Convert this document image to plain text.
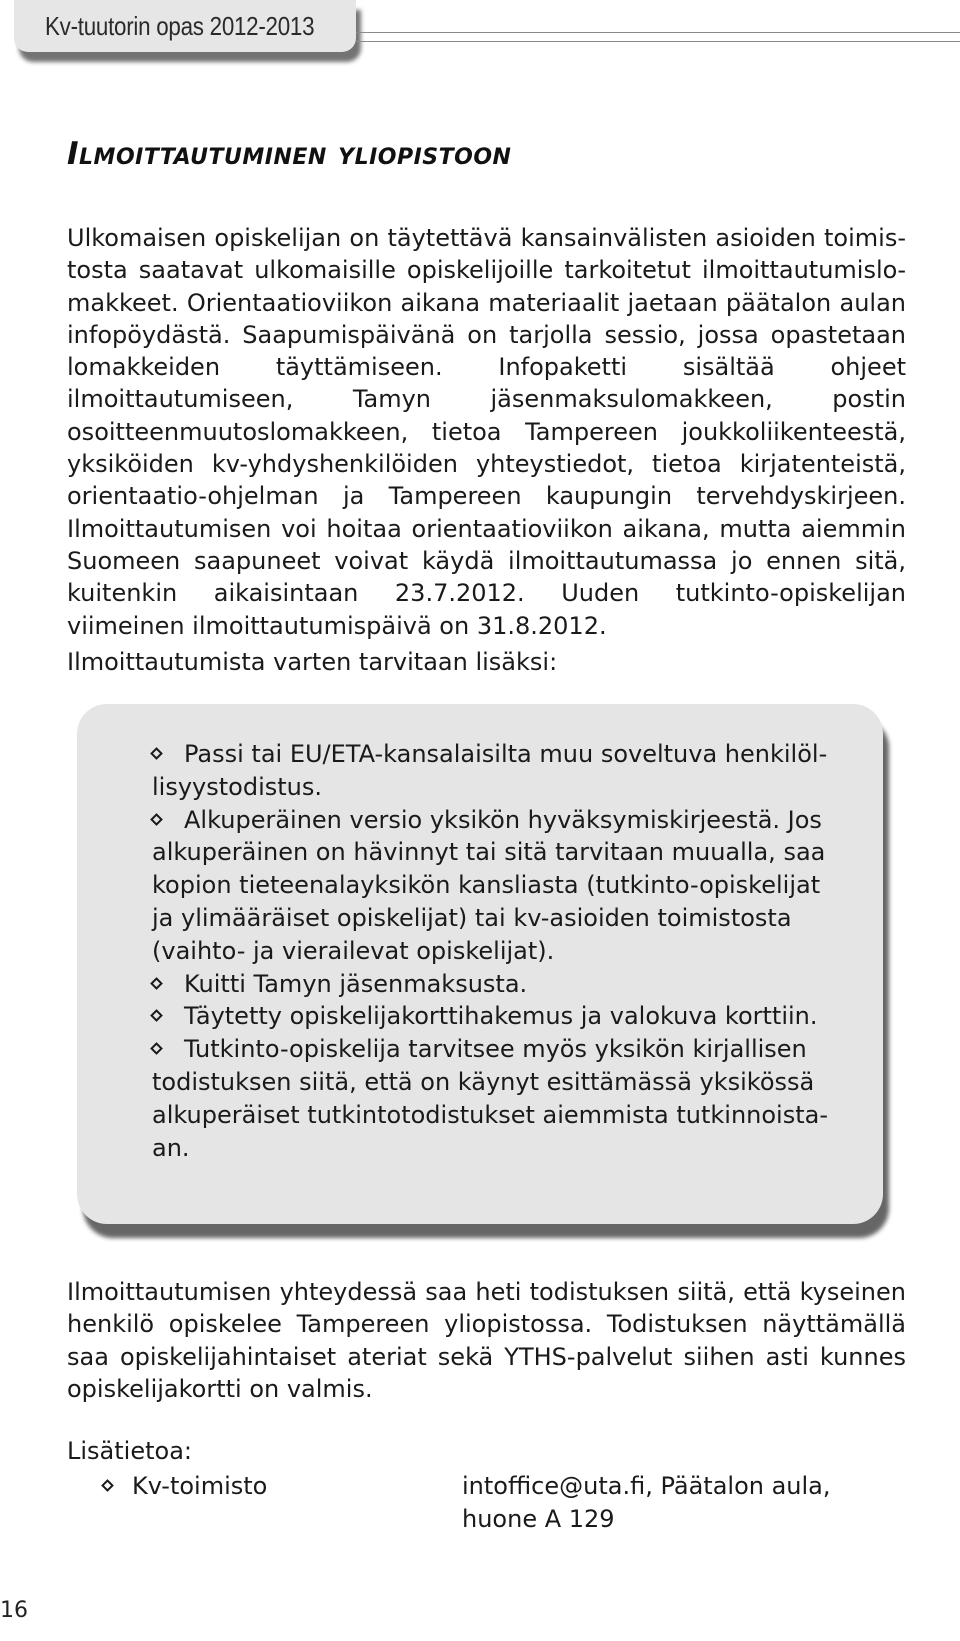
Kv-tuutorin opas 2012-2013
Ilmoittautuminen yliopistoon

Ulkomaisen opiskelijan on täytettävä kansainvälisten asioiden toimistosta saatavat ulkomaisille opiskelijoille tarkoitetut ilmoittautumislomakkeet. Orientaatioviikon aikana materiaalit jaetaan päätalon aulan infopöydästä. Saapumispäivänä on tarjolla sessio, jossa opastetaan lomakkeiden täyttämiseen. Infopaketti sisältää ohjeet ilmoittautumiseen, Tamyn jäsenmaksulomakkeen, postin osoitteenmuutoslomakkeen, tietoa Tampereen joukkoliikenteestä, yksiköiden kv-yhdyshenkilöiden yhteystiedot, tietoa kirjatenteistä, orientaatio-ohjelman ja Tampereen kaupungin tervehdyskirjeen. Ilmoittautumisen voi hoitaa orientaatioviikon aikana, mutta aiemmin Suomeen saapuneet voivat käydä ilmoittautumassa jo ennen sitä, kuitenkin aikaisintaan 23.7.2012. Uuden tutkinto-opiskelijan viimeinen ilmoittautumispäivä on 31.8.2012.

Ilmoittautumista varten tarvitaan lisäksi:

Passi tai EU/ETA-kansalaisilta muu soveltuva henkilöllisyystodistus.
Alkuperäinen versio yksikön hyväksymiskirjeestä. Jos alkuperäinen on hävinnyt tai sitä tarvitaan muualla, saa kopion tieteenalayksikön kansliasta (tutkinto-opiskelijat ja ylimääräiset opiskelijat) tai kv-asioiden toimistosta (vaihto- ja vierailevat opiskelijat).
Kuitti Tamyn jäsenmaksusta.
Täytetty opiskelijakorttihakemus ja valokuva korttiin.
Tutkinto-opiskelija tarvitsee myös yksikön kirjallisen todistuksen siitä, että on käynyt esittämässä yksikössä alkuperäiset tutkintotodistukset aiemmista tutkinnoistaan.

Ilmoittautumisen yhteydessä saa heti todistuksen siitä, että kyseinen henkilö opiskelee Tampereen yliopistossa. Todistuksen näyttämällä saa opiskelijahintaiset ateriat sekä YTHS-palvelut siihen asti kunnes opiskelijakortti on valmis.

Lisätietoa:

Kv-toimisto	intoffice@uta.fi, Päätalon aula, huone A 129
16
